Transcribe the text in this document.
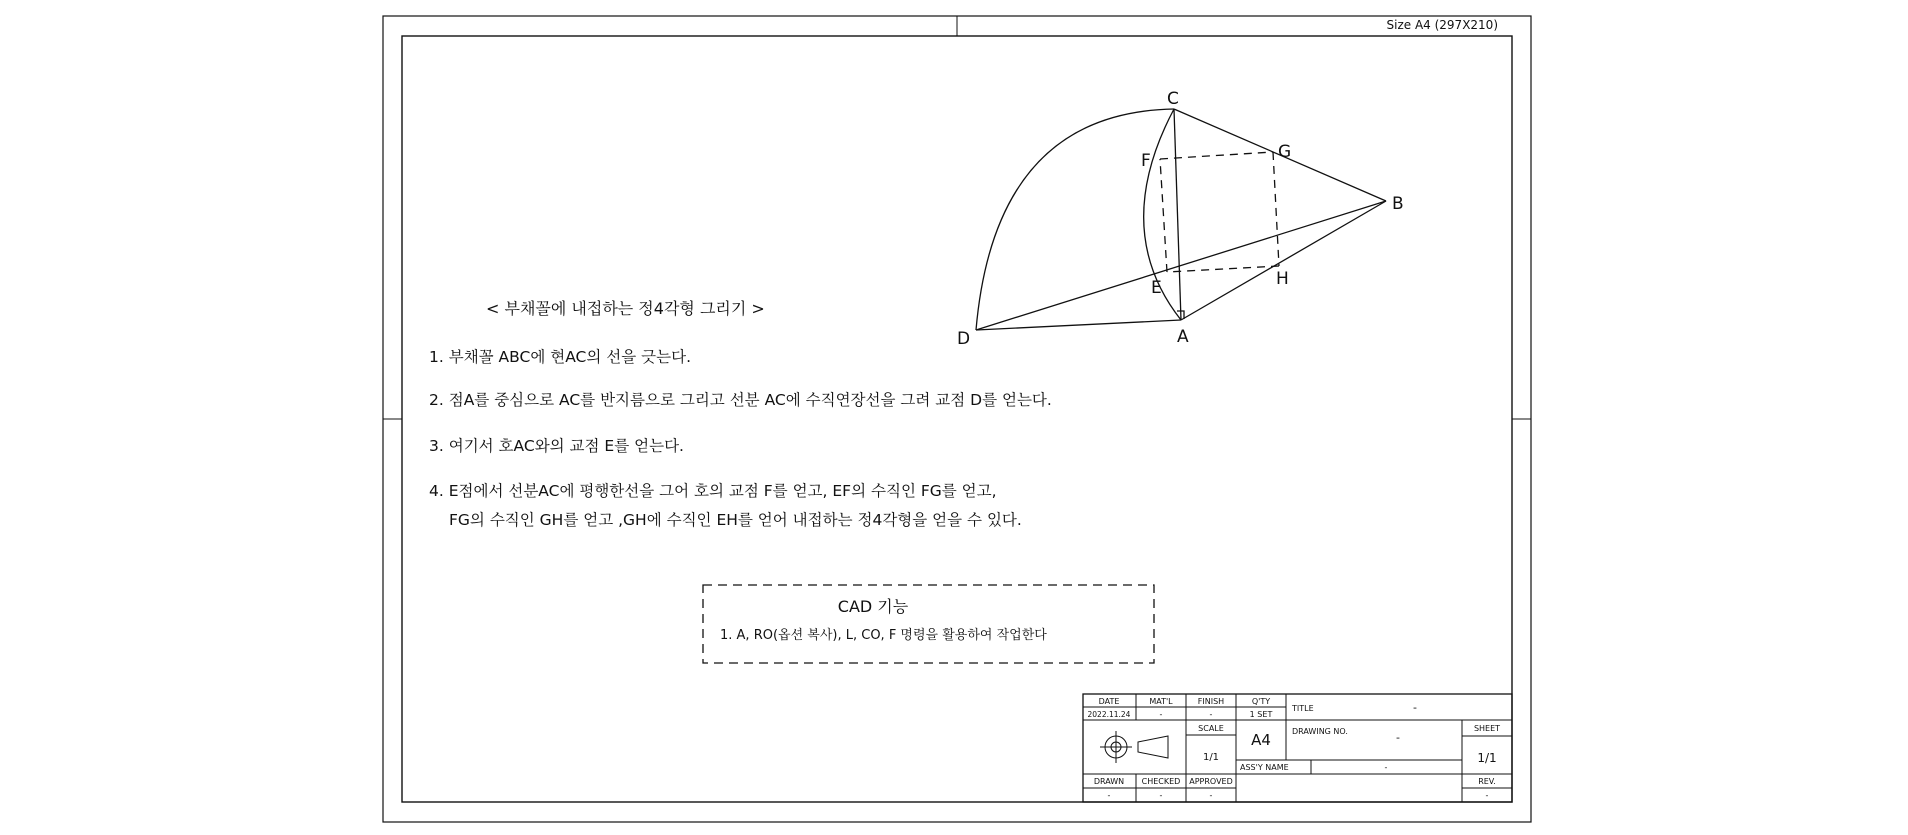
Size A4 (297X210)
C
G
F
B
E	H
D	A
< 부채꼴에 내접하는 정4각형 그리기 >
1. 부채꼴 ABC에 현AC의 선을 긋는다.
2. 점A를 중심으로 AC를 반지름으로 그리고 선분 AC에 수직연장선을 그려 교점 D를 얻는다.
3. 여기서 호AC와의 교점 E를 얻는다.
4. E점에서 선분AC에 평행한선을 그어 호의 교점 F를 얻고, EF의 수직인 FG를 얻고,
FG의 수직인 GH를 얻고 ,GH에 수직인 EH를 얻어 내접하는 정4각형을 얻을 수 있다.
CAD 기능
1. A, RO(옵션 복사), L, CO, F 명령을 활용하여 작업한다
DATE	MAT'L	FINISH	Q'TY
2022.11.24	-	-	1 SET
TITLE	-
SCALE
1/1
A4	DRAWING NO.	-
SHEET
1/1
ASS'Y NAME	-
DRAWN CHECKED APPROVED
-	-	-
REV.
-
